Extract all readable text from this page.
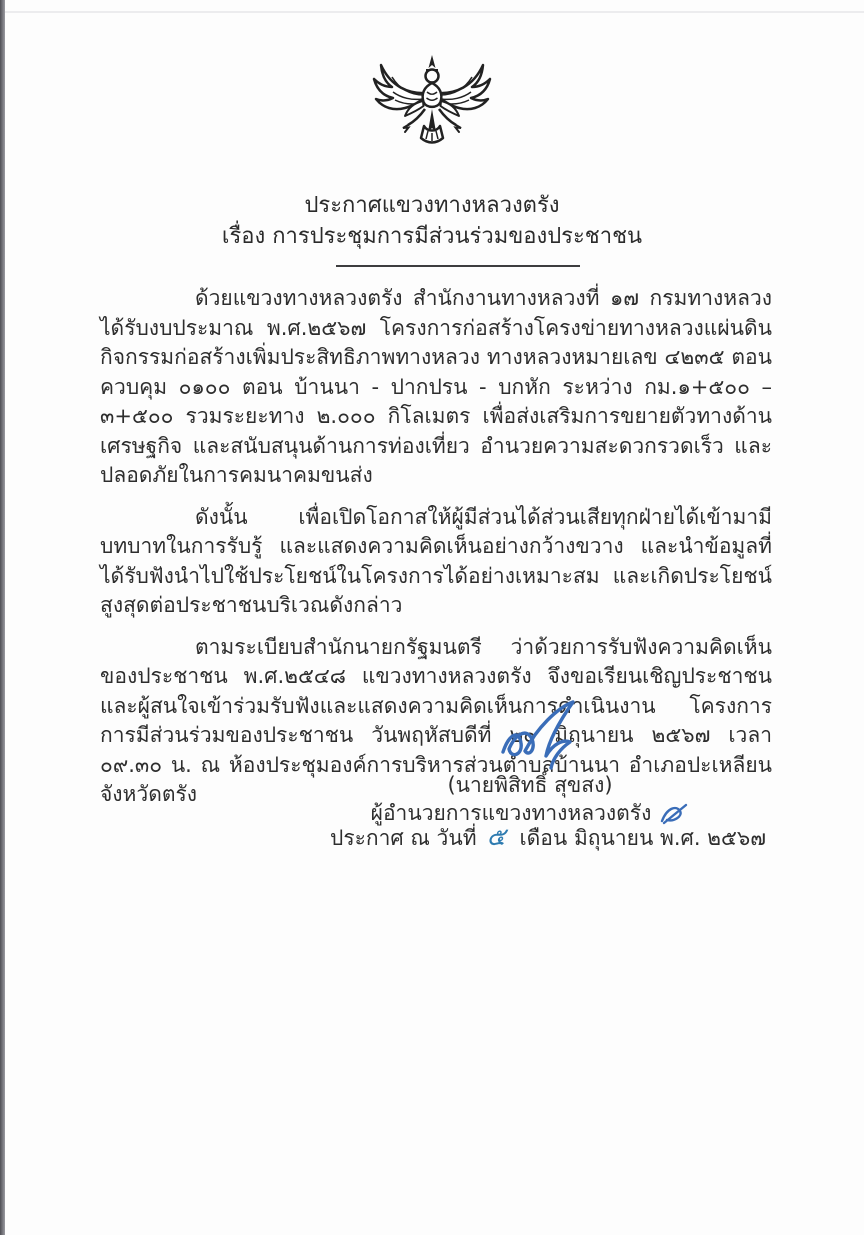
ประกาศแขวงทางหลวงตรัง
เรื่อง การประชุมการมีส่วนร่วมของประชาชน

ด้วยแขวงทางหลวงตรัง สำนักงานทางหลวงที่ ๑๗ กรมทางหลวง ได้รับงบประมาณ พ.ศ.๒๕๖๗ โครงการก่อสร้างโครงข่ายทางหลวงแผ่นดิน กิจกรรมก่อสร้างเพิ่มประสิทธิภาพทางหลวง ทางหลวงหมายเลข ๔๒๓๕ ตอนควบคุม ๐๑๐๐ ตอน บ้านนา - ปากปรน - บกหัก ระหว่าง กม.๑+๕๐๐ – ๓+๕๐๐ รวมระยะทาง ๒.๐๐๐ กิโลเมตร เพื่อส่งเสริมการขยายตัวทางด้านเศรษฐกิจ และสนับสนุนด้านการท่องเที่ยว อำนวยความสะดวกรวดเร็ว และปลอดภัยในการคมนาคมขนส่ง

ดังนั้น เพื่อเปิดโอกาสให้ผู้มีส่วนได้ส่วนเสียทุกฝ่ายได้เข้ามามีบทบาทในการรับรู้ และแสดงความคิดเห็นอย่างกว้างขวาง และนำข้อมูลที่ได้รับฟังนำไปใช้ประโยชน์ในโครงการได้อย่างเหมาะสม และเกิดประโยชน์สูงสุดต่อประชาชนบริเวณดังกล่าว

ตามระเบียบสำนักนายกรัฐมนตรี ว่าด้วยการรับฟังความคิดเห็นของประชาชน พ.ศ.๒๕๔๘ แขวงทางหลวงตรัง จึงขอเรียนเชิญประชาชนและผู้สนใจเข้าร่วมรับฟังและแสดงความคิดเห็นการดำเนินงาน โครงการการมีส่วนร่วมของประชาชน วันพฤหัสบดีที่ ๒๐ มิถุนายน ๒๕๖๗ เวลา ๐๙.๓๐ น. ณ ห้องประชุมองค์การบริหารส่วนตำบลบ้านนา อำเภอปะเหลียน จังหวัดตรัง

ประกาศ ณ วันที่ ๕ เดือน มิถุนายน พ.ศ. ๒๕๖๗
(นายพิสิทธิ์ สุขสง)
ผู้อำนวยการแขวงทางหลวงตรัง
